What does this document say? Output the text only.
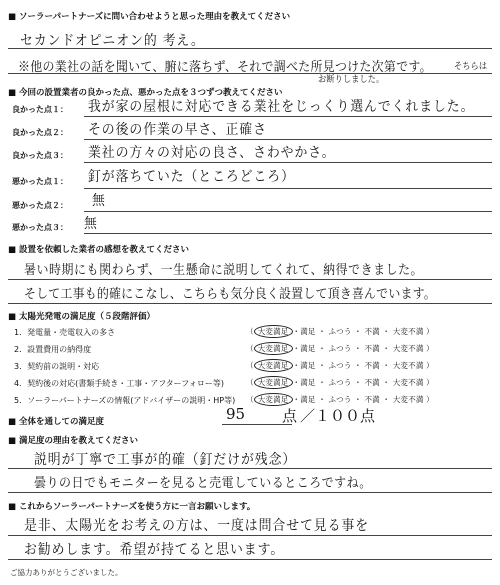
■ ソーラーパートナーズに問い合わせようと思った理由を教えてください
セカンドオピニオン的 考え。
※他の業社の話を聞いて、腑に落ちず、それで調べた所見つけた次第です。 そちらは
お断りしました。
■ 今回の設置業者の良かった点、悪かった点を３つずつ教えてください
良かった点１： 我が家の屋根に対応できる業社をじっくり選んでくれました。
良かった点２： その後の作業の早さ、正確さ
良かった点３： 業社の方々の対応の良さ、さわやかさ。
悪かった点１： 釘が落ちていた（ところどころ）
悪かった点２： 無
悪かった点３： 無
■ 設置を依頼した業者の感想を教えてください
暑い時期にも関わらず、一生懸命に説明してくれて、納得できました。
そして工事も的確にこなし、こちらも気分良く設置して頂き喜んでいます。
■ 太陽光発電の満足度（５段階評価）
1．発電量・売電収入の多さ	（ 大変満足 ・満足 ・ ふつう ・ 不満 ・ 大変不満 ）
2．設置費用の納得度	（ 大変満足 ・満足 ・ ふつう ・ 不満 ・ 大変不満 ）
3．契約前の説明・対応	（ 大変満足 ・満足 ・ ふつう ・ 不満 ・ 大変不満 ）
4．契約後の対応(書類手続き・工事・アフターフォロー等)	（ 大変満足 ・満足 ・ ふつう ・ 不満 ・ 大変不満 ）
5．ソーラーパートナーズの情報(アドバイザーの説明・HP等) （ 大変満足 ・満足 ・ ふつう ・ 不満 ・ 大変不満 ）
■ 全体を通しての満足度	95 点 ／１００点
■ 満足度の理由を教えてください
説明が丁寧で工事が的確（釘だけが残念）
曇りの日でもモニターを見ると売電しているところですね。
■ これからソーラーパートナーズを使う方に一言お願いします。
是非、太陽光をお考えの方は、一度は問合せて見る事を
お勧めします。希望が持てると思います。
ご協力ありがとうございました。
